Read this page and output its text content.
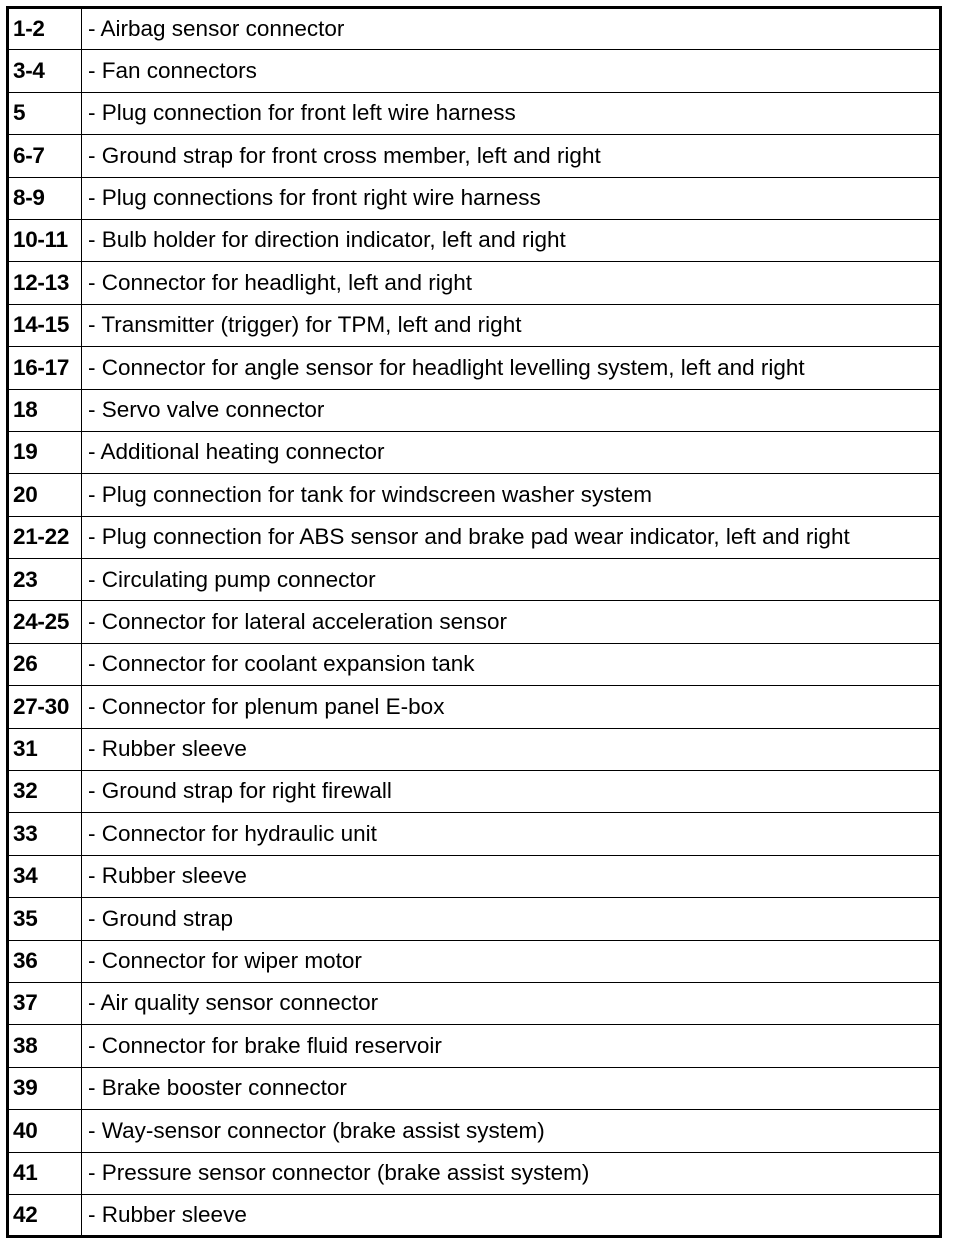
1-2	- Airbag sensor connector
3-4	- Fan connectors
5	- Plug connection for front left wire harness
6-7	- Ground strap for front cross member, left and right
8-9	- Plug connections for front right wire harness
10-11	- Bulb holder for direction indicator, left and right
12-13	- Connector for headlight, left and right
14-15	- Transmitter (trigger) for TPM, left and right
16-17	- Connector for angle sensor for headlight levelling system, left and right
18	- Servo valve connector
19	- Additional heating connector
20	- Plug connection for tank for windscreen washer system
21-22	- Plug connection for ABS sensor and brake pad wear indicator, left and right
23	- Circulating pump connector
24-25	- Connector for lateral acceleration sensor
26	- Connector for coolant expansion tank
27-30	- Connector for plenum panel E-box
31	- Rubber sleeve
32	- Ground strap for right firewall
33	- Connector for hydraulic unit
34	- Rubber sleeve
35	- Ground strap
36	- Connector for wiper motor
37	- Air quality sensor connector
38	- Connector for brake fluid reservoir
39	- Brake booster connector
40	- Way-sensor connector (brake assist system)
41	- Pressure sensor connector (brake assist system)
42	- Rubber sleeve
